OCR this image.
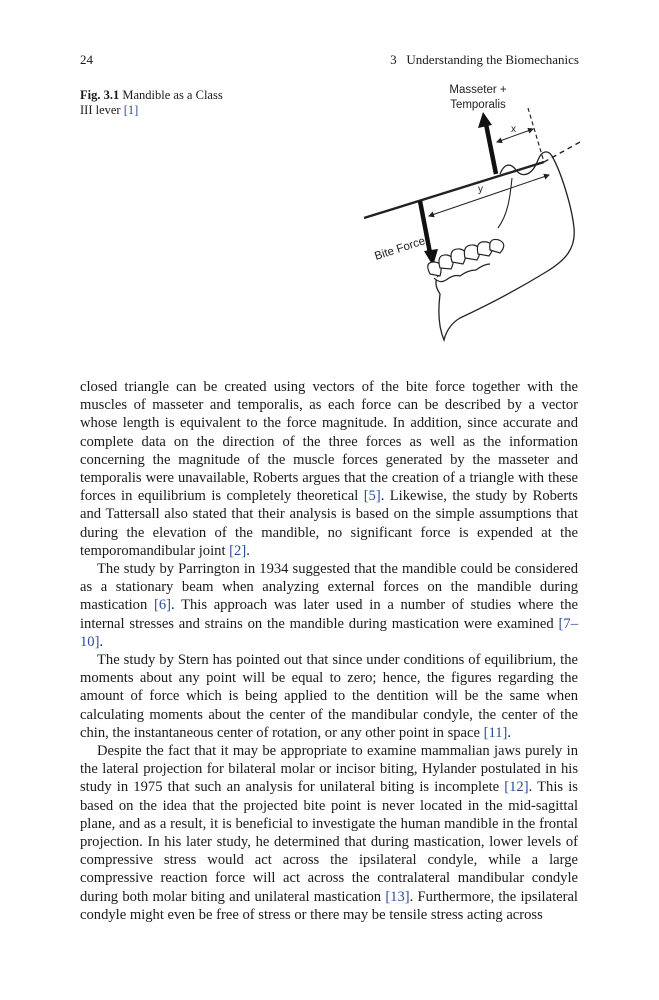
24	3   Understanding the Biomechanics
Fig. 3.1 Mandible as a Class III lever [1]
Masseter +
Temporalis
x
y
Bite Force

closed triangle can be created using vectors of the bite force together with the muscles of masseter and temporalis, as each force can be described by a vector whose length is equivalent to the force magnitude. In addition, since accurate and complete data on the direction of the three forces as well as the information concerning the magnitude of the muscle forces generated by the masseter and temporalis were unavailable, Roberts argues that the creation of a triangle with these forces in equilibrium is completely theoretical [5]. Likewise, the study by Roberts and Tattersall also stated that their analysis is based on the simple assumptions that during the elevation of the mandible, no significant force is expended at the temporomandibular joint [2].

The study by Parrington in 1934 suggested that the mandible could be considered as a stationary beam when analyzing external forces on the mandible during mastication [6]. This approach was later used in a number of studies where the internal stresses and strains on the mandible during mastication were examined [7–10].

The study by Stern has pointed out that since under conditions of equilibrium, the moments about any point will be equal to zero; hence, the figures regarding the amount of force which is being applied to the dentition will be the same when calculating moments about the center of the mandibular condyle, the center of the chin, the instantaneous center of rotation, or any other point in space [11].

Despite the fact that it may be appropriate to examine mammalian jaws purely in the lateral projection for bilateral molar or incisor biting, Hylander postulated in his study in 1975 that such an analysis for unilateral biting is incomplete [12]. This is based on the idea that the projected bite point is never located in the mid-sagittal plane, and as a result, it is beneficial to investigate the human mandible in the frontal projection. In his later study, he determined that during mastication, lower levels of compressive stress would act across the ipsilateral condyle, while a large compressive reaction force will act across the contralateral mandibular condyle during both molar biting and unilateral mastication [13]. Furthermore, the ipsilateral condyle might even be free of stress or there may be tensile stress acting across
